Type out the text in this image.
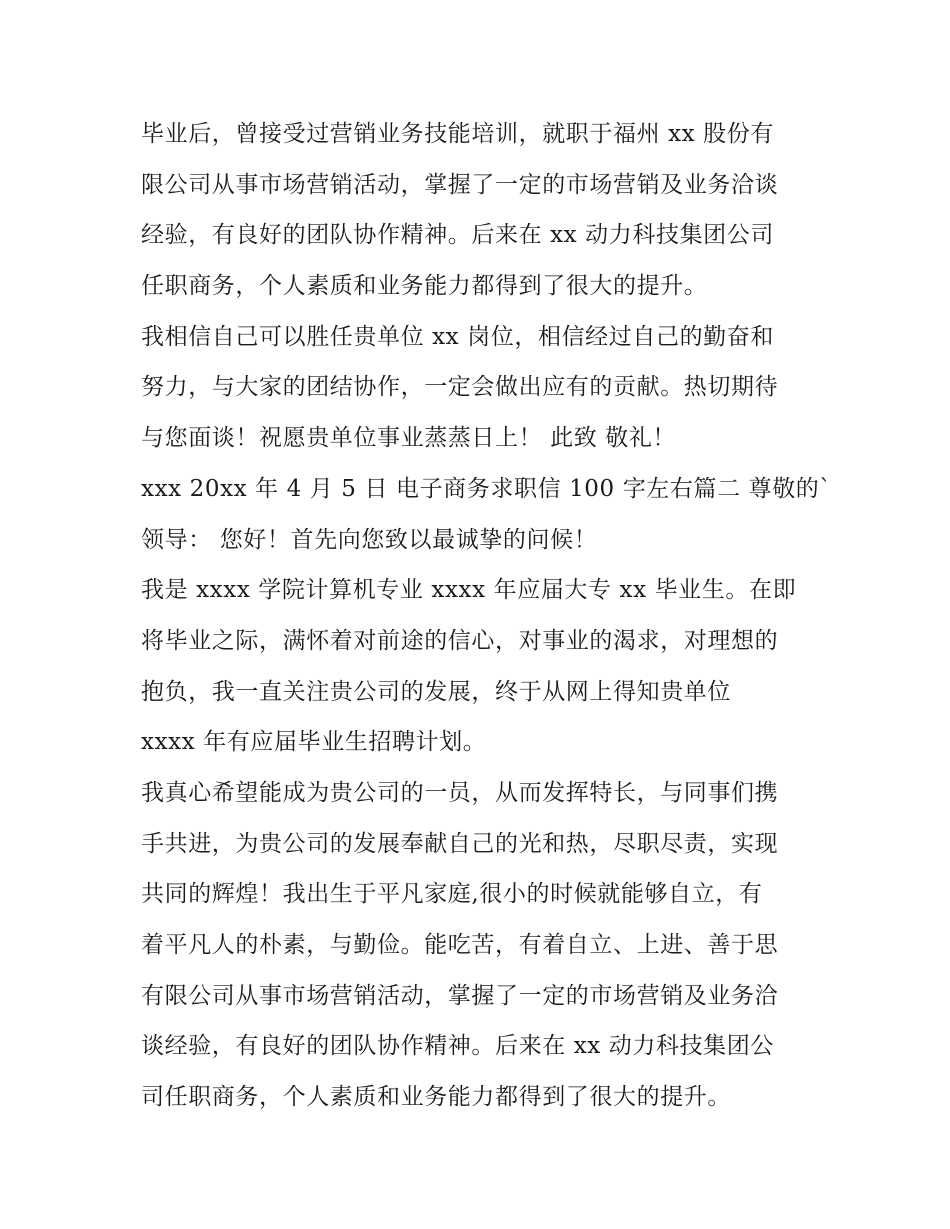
毕业后，曾接受过营销业务技能培训，就职于福州 xx 股份有
限公司从事市场营销活动，掌握了一定的市场营销及业务洽谈
经验，有良好的团队协作精神。后来在 xx 动力科技集团公司
任职商务，个人素质和业务能力都得到了很大的提升。
我相信自己可以胜任贵单位 xx 岗位，相信经过自己的勤奋和
努力，与大家的团结协作，一定会做出应有的贡献。热切期待
与您面谈！祝愿贵单位事业蒸蒸日上！ 此致 敬礼！
xxx 20xx 年 4 月 5 日 电子商务求职信 100 字左右篇二 尊敬的`
领导： 您好！首先向您致以最诚挚的问候！
我是 xxxx 学院计算机专业 xxxx 年应届大专 xx 毕业生。在即
将毕业之际，满怀着对前途的信心，对事业的渴求，对理想的
抱负，我一直关注贵公司的发展，终于从网上得知贵单位
xxxx 年有应届毕业生招聘计划。
我真心希望能成为贵公司的一员，从而发挥特长，与同事们携
手共进，为贵公司的发展奉献自己的光和热，尽职尽责，实现
共同的辉煌！我出生于平凡家庭,很小的时候就能够自立，有
着平凡人的朴素，与勤俭。能吃苦，有着自立、上进、善于思
有限公司从事市场营销活动，掌握了一定的市场营销及业务洽
谈经验，有良好的团队协作精神。后来在 xx 动力科技集团公
司任职商务，个人素质和业务能力都得到了很大的提升。
